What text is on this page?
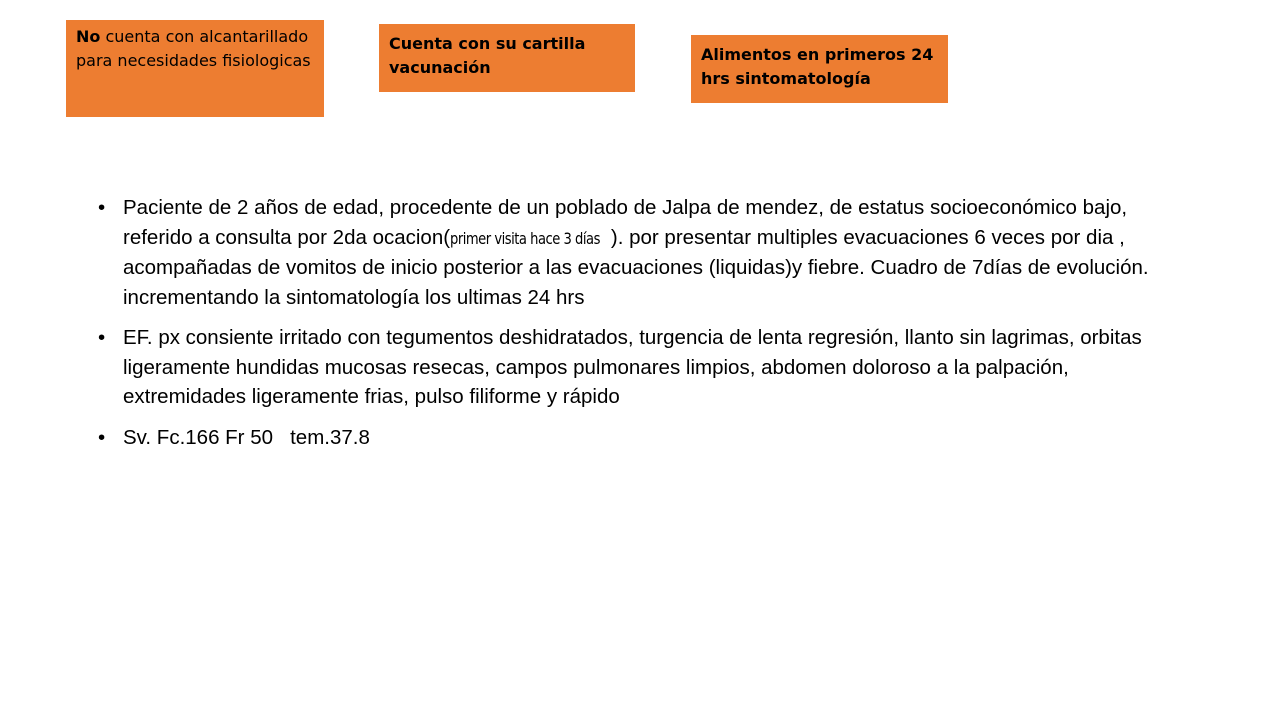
No cuenta con alcantarillado para necesidades fisiologicas
Cuenta con su cartilla vacunación
Alimentos en primeros 24 hrs sintomatología
• Paciente de 2 años de edad, procedente de un poblado de Jalpa de mendez, de estatus socioeconómico bajo, referido a consulta por 2da ocacion(primer visita hace 3 días ). por presentar multiples evacuaciones 6 veces por dia , acompañadas de vomitos de inicio posterior a las evacuaciones (liquidas)y fiebre. Cuadro de 7días de evolución. incrementando la sintomatología los ultimas 24 hrs
• EF. px consiente irritado con tegumentos deshidratados, turgencia de lenta regresión, llanto sin lagrimas, orbitas ligeramente hundidas mucosas resecas, campos pulmonares limpios, abdomen doloroso a la palpación, extremidades ligeramente frias, pulso filiforme y rápido
• Sv. Fc.166 Fr 50   tem.37.8
